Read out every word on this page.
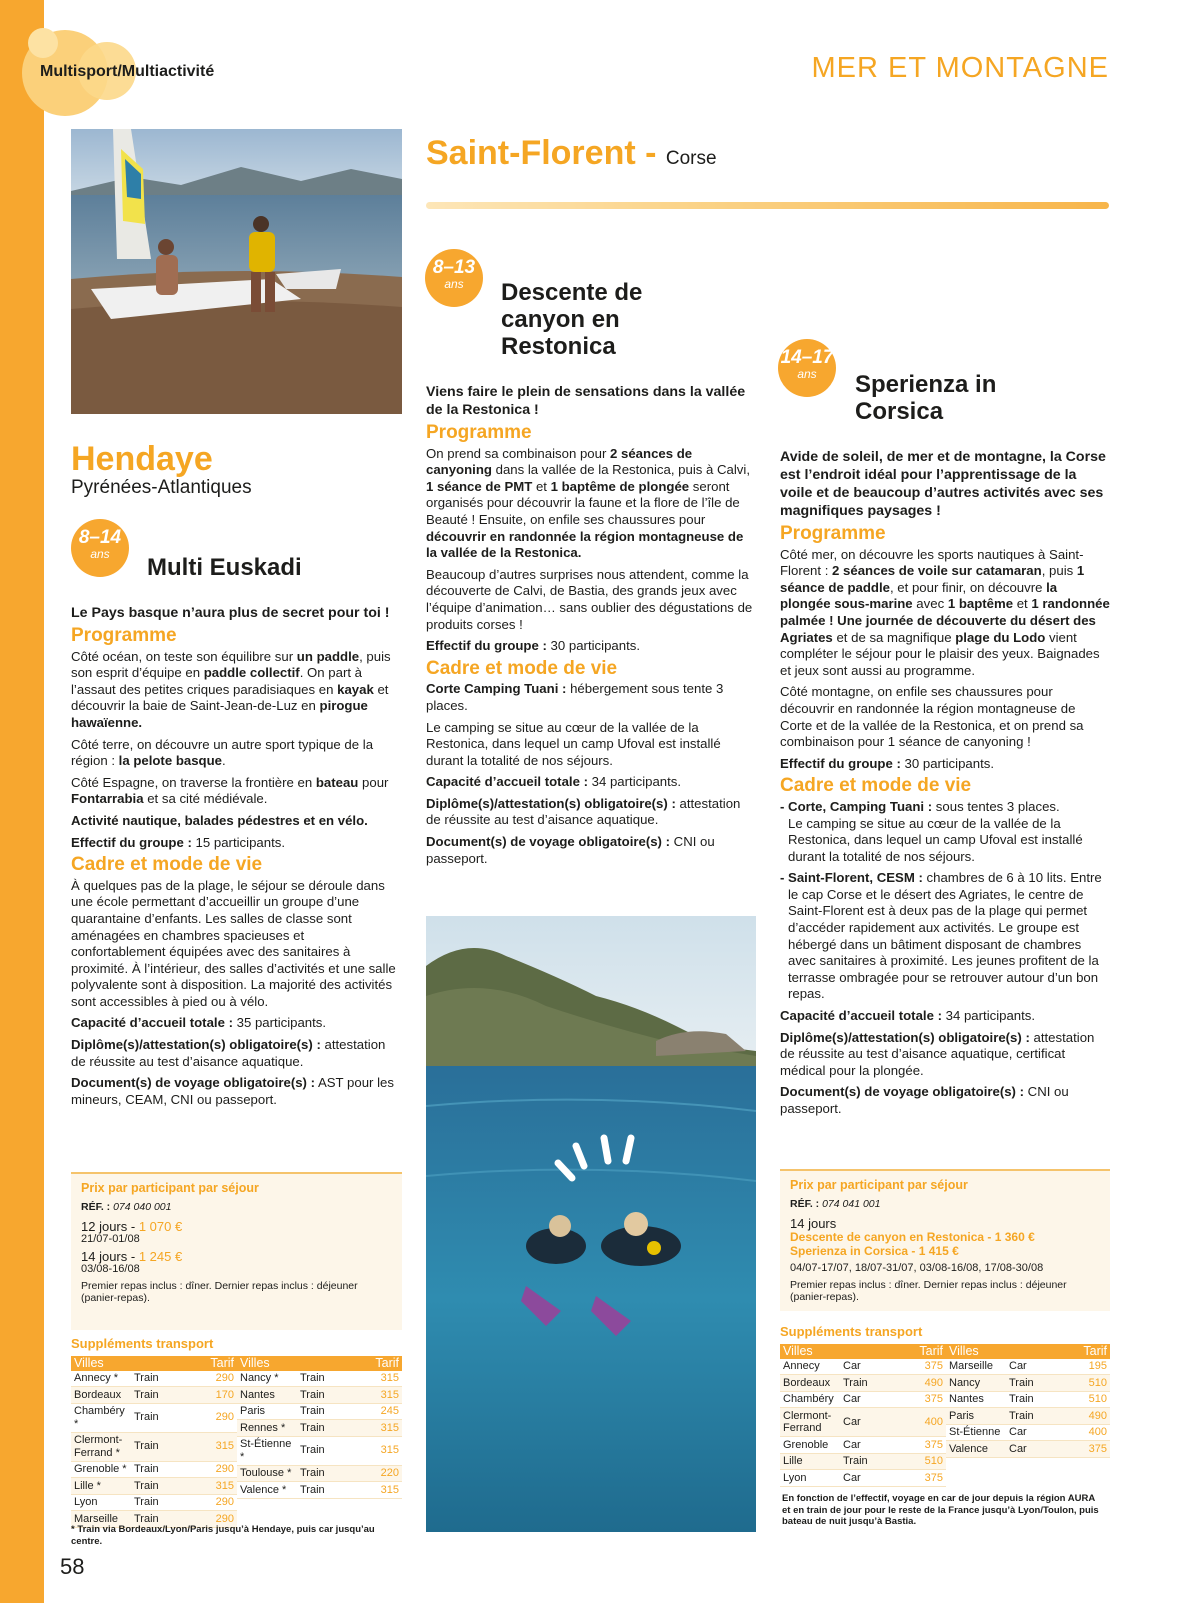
Multisport/Multiactivité	MER ET MONTAGNE
58
Hendaye
Pyrénées-Atlantiques
8–14
ans	Multi Euskadi

Le Pays basque n’aura plus de secret pour toi !

Programme

Côté océan, on teste son équilibre sur un paddle, puis son esprit d’équipe en paddle collectif. On part à l’assaut des petites criques paradisiaques en kayak et découvrir la baie de Saint-Jean-de-Luz en pirogue hawaïenne.

Côté terre, on découvre un autre sport typique de la région : la pelote basque.

Côté Espagne, on traverse la frontière en bateau pour Fontarrabia et sa cité médiévale.

Activité nautique, balades pédestres et en vélo.

Effectif du groupe : 15 participants.

Cadre et mode de vie

À quelques pas de la plage, le séjour se déroule dans une école permettant d’accueillir un groupe d’une quarantaine d’enfants. Les salles de classe sont aménagées en chambres spacieuses et confortablement équipées avec des sanitaires à proximité. À l’intérieur, des salles d’activités et une salle polyvalente sont à disposition. La majorité des activités sont accessibles à pied ou à vélo.

Capacité d’accueil totale : 35 participants.

Diplôme(s)/attestation(s) obligatoire(s) : attestation de réussite au test d’aisance aquatique.

Document(s) de voyage obligatoire(s) : AST pour les mineurs, CEAM, CNI ou passeport.

Prix par participant par séjour
RÉF. : 074 040 001
12 jours - 1 070 €
21/07-01/08
14 jours - 1 245 €
03/08-16/08
Premier repas inclus : dîner. Dernier repas inclus : déjeuner (panier-repas).
Suppléments transport
Villes		Tarif
Annecy *	Train	290
Bordeaux	Train	170
Chambéry *	Train	290
Clermont-Ferrand *	Train	315
Grenoble *	Train	290
Lille *	Train	315
Lyon	Train	290
Marseille	Train	290
Villes		Tarif
Nancy *	Train	315
Nantes	Train	315
Paris	Train	245
Rennes *	Train	315
St-Étienne *	Train	315
Toulouse *	Train	220
Valence *	Train	315
* Train via Bordeaux/Lyon/Paris jusqu’à Hendaye, puis car jusqu’au centre.
Saint-Florent - Corse
8–13
ans	Descente de canyon en Restonica

Viens faire le plein de sensations dans la vallée de la Restonica !

Programme

On prend sa combinaison pour 2 séances de canyoning dans la vallée de la Restonica, puis à Calvi, 1 séance de PMT et 1 baptême de plongée seront organisés pour découvrir la faune et la flore de l’île de Beauté ! Ensuite, on enfile ses chaussures pour découvrir en randonnée la région montagneuse de la vallée de la Restonica.

Beaucoup d’autres surprises nous attendent, comme la découverte de Calvi, de Bastia, des grands jeux avec l’équipe d’animation… sans oublier des dégustations de produits corses !

Effectif du groupe : 30 participants.

Cadre et mode de vie

Corte Camping Tuani : hébergement sous tente 3 places.

Le camping se situe au cœur de la vallée de la Restonica, dans lequel un camp Ufoval est installé durant la totalité de nos séjours.

Capacité d’accueil totale : 34 participants.

Diplôme(s)/attestation(s) obligatoire(s) : attestation de réussite au test d’aisance aquatique.

Document(s) de voyage obligatoire(s) : CNI ou passeport.

14–17
ans	Sperienza in Corsica

Avide de soleil, de mer et de montagne, la Corse est l’endroit idéal pour l’apprentissage de la voile et de beaucoup d’autres activités avec ses magnifiques paysages !

Programme

Côté mer, on découvre les sports nautiques à Saint-Florent : 2 séances de voile sur catamaran, puis 1 séance de paddle, et pour finir, on découvre la plongée sous-marine avec 1 baptême et 1 randonnée palmée ! Une journée de découverte du désert des Agriates et de sa magnifique plage du Lodo vient compléter le séjour pour le plaisir des yeux. Baignades et jeux sont aussi au programme.

Côté montagne, on enfile ses chaussures pour découvrir en randonnée la région montagneuse de Corte et de la vallée de la Restonica, et on prend sa combinaison pour 1 séance de canyoning !

Effectif du groupe : 30 participants.

Cadre et mode de vie

- Corte, Camping Tuani : sous tentes 3 places.

Le camping se situe au cœur de la vallée de la Restonica, dans lequel un camp Ufoval est installé durant la totalité de nos séjours.

- Saint-Florent, CESM : chambres de 6 à 10 lits. Entre le cap Corse et le désert des Agriates, le centre de Saint-Florent est à deux pas de la plage qui permet d’accéder rapidement aux activités. Le groupe est hébergé dans un bâtiment disposant de chambres avec sanitaires à proximité. Les jeunes profitent de la terrasse ombragée pour se retrouver autour d’un bon repas.

Capacité d’accueil totale : 34 participants.

Diplôme(s)/attestation(s) obligatoire(s) : attestation de réussite au test d’aisance aquatique, certificat médical pour la plongée.

Document(s) de voyage obligatoire(s) : CNI ou passeport.

Prix par participant par séjour
RÉF. : 074 041 001
14 jours
Descente de canyon en Restonica - 1 360 €
Sperienza in Corsica - 1 415 €
04/07-17/07, 18/07-31/07, 03/08-16/08, 17/08-30/08
Premier repas inclus : dîner. Dernier repas inclus : déjeuner (panier-repas).
Suppléments transport
Villes		Tarif
Annecy	Car	375
Bordeaux	Train	490
Chambéry	Car	375
Clermont-Ferrand	Car	400
Grenoble	Car	375
Lille	Train	510
Lyon	Car	375
Villes		Tarif
Marseille	Car	195
Nancy	Train	510
Nantes	Train	510
Paris	Train	490
St-Étienne	Car	400
Valence	Car	375
En fonction de l’effectif, voyage en car de jour depuis la région AURA et en train de jour pour le reste de la France jusqu’à Lyon/Toulon, puis bateau de nuit jusqu’à Bastia.
